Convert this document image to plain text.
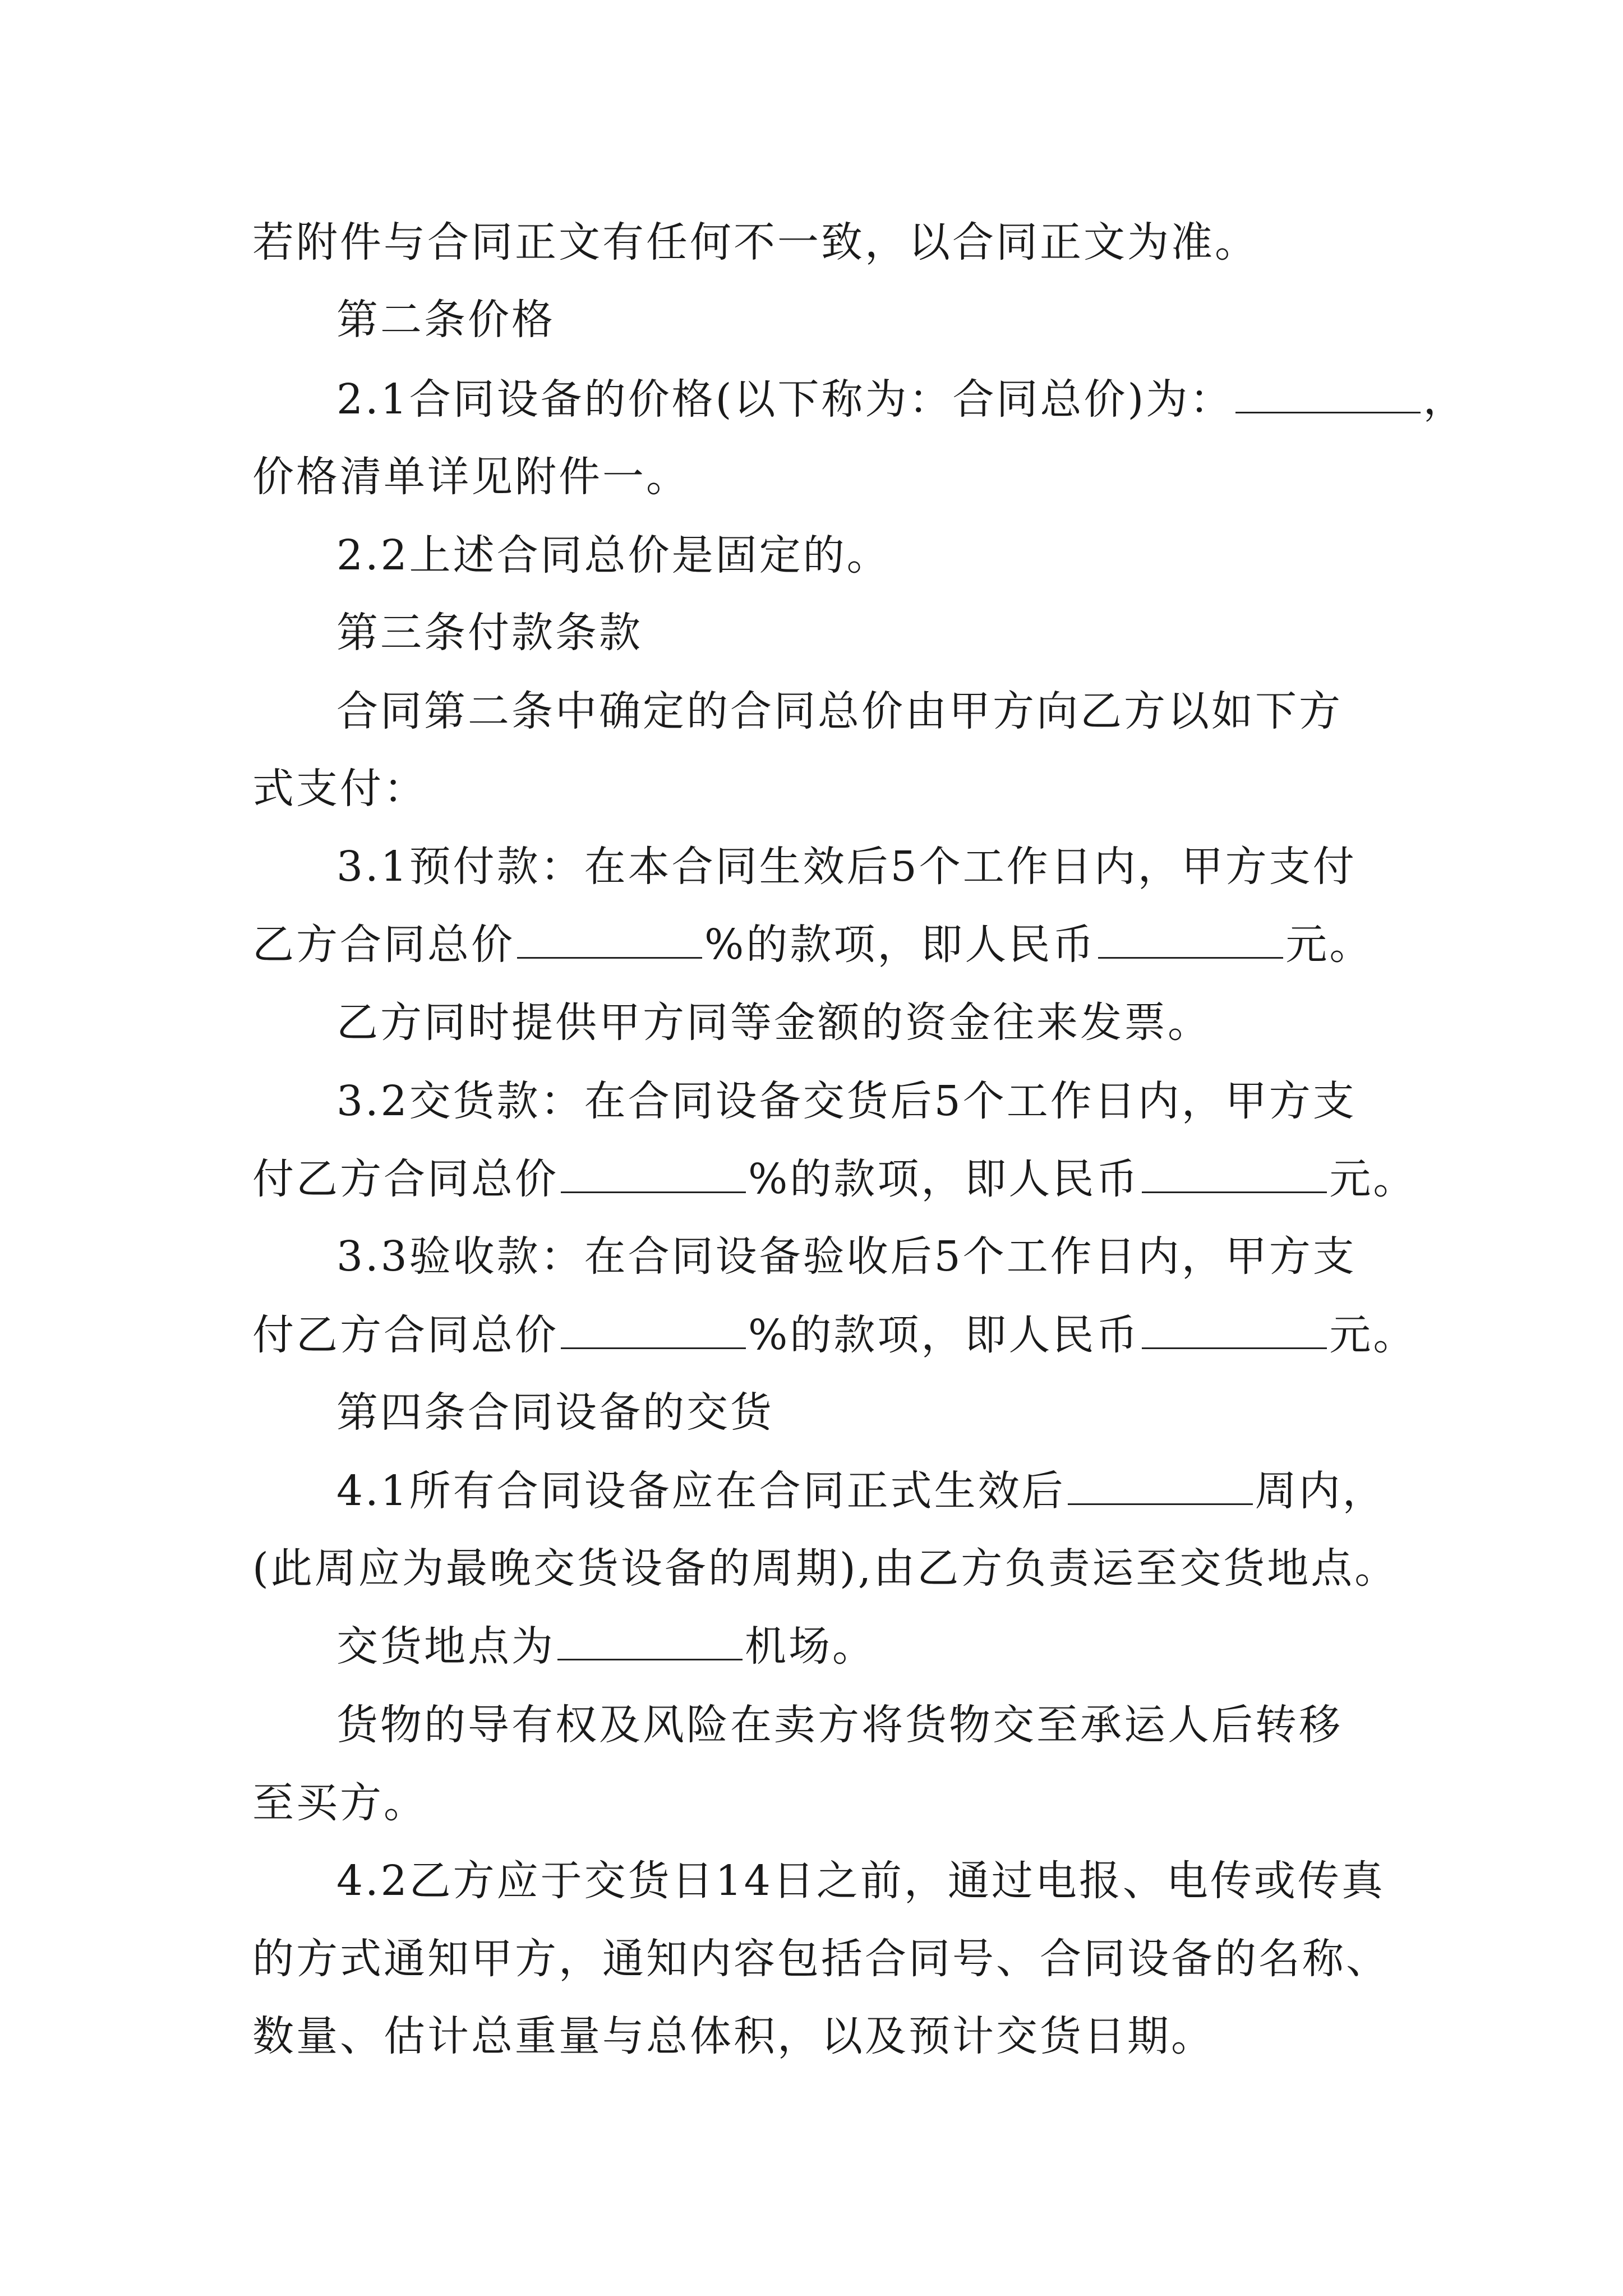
若附件与合同正文有任何不一致，以合同正文为准。
第二条价格
2.1合同设备的价格(以下称为：合同总价)为：	，
价格清单详见附件一。
2.2上述合同总价是固定的。
第三条付款条款
合同第二条中确定的合同总价由甲方向乙方以如下方
式支付：
3.1预付款：在本合同生效后5个工作日内，甲方支付
乙方合同总价	%的款项，即人民币	元。
乙方同时提供甲方同等金额的资金往来发票。
3.2交货款：在合同设备交货后5个工作日内，甲方支
付乙方合同总价	%的款项，即人民币	元。
3.3验收款：在合同设备验收后5个工作日内，甲方支
付乙方合同总价	%的款项，即人民币	元。
第四条合同设备的交货
4.1所有合同设备应在合同正式生效后	周内，
(此周应为最晚交货设备的周期),由乙方负责运至交货地点。
交货地点为	机场。
货物的导有权及风险在卖方将货物交至承运人后转移
至买方。
4.2乙方应于交货日14日之前，通过电报、电传或传真
的方式通知甲方，通知内容包括合同号、合同设备的名称、
数量、估计总重量与总体积，以及预计交货日期。
